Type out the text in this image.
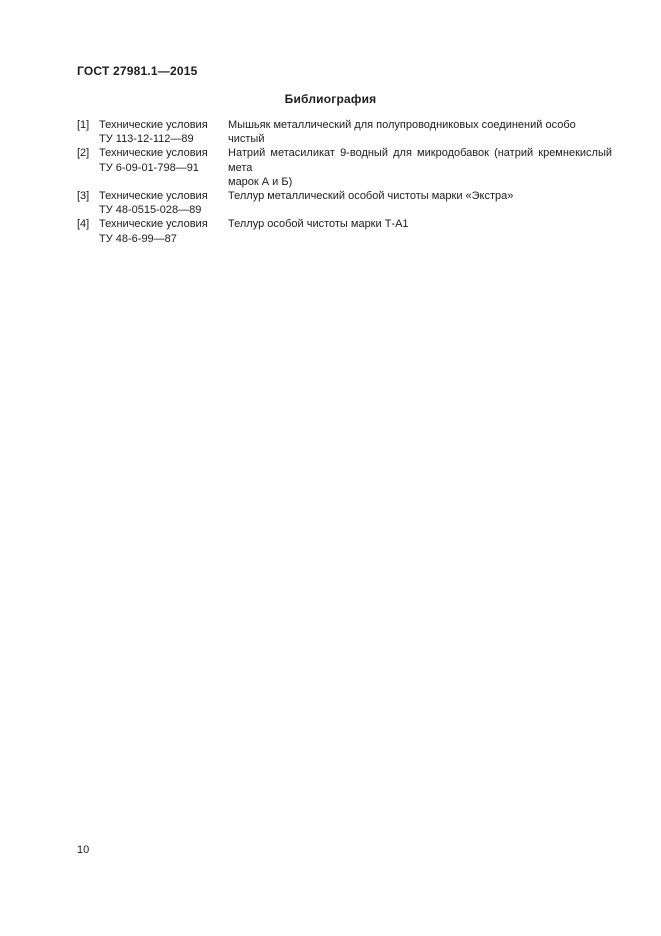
ГОСТ 27981.1—2015
Библиография
[1] Технические условия
ТУ 113-12-112—89
Мышьяк металлический для полупроводниковых соединений особо чистый
[2] Технические условия
ТУ 6-09-01-798—91
Натрий метасиликат 9-водный для микродобавок (натрий кремнекислый мета
марок А и Б)
[3] Технические условия
ТУ 48-0515-028—89
Теллур металлический особой чистоты марки «Экстра»
[4] Технические условия
ТУ 48-6-99—87
Теллур особой чистоты марки Т-А1
10
